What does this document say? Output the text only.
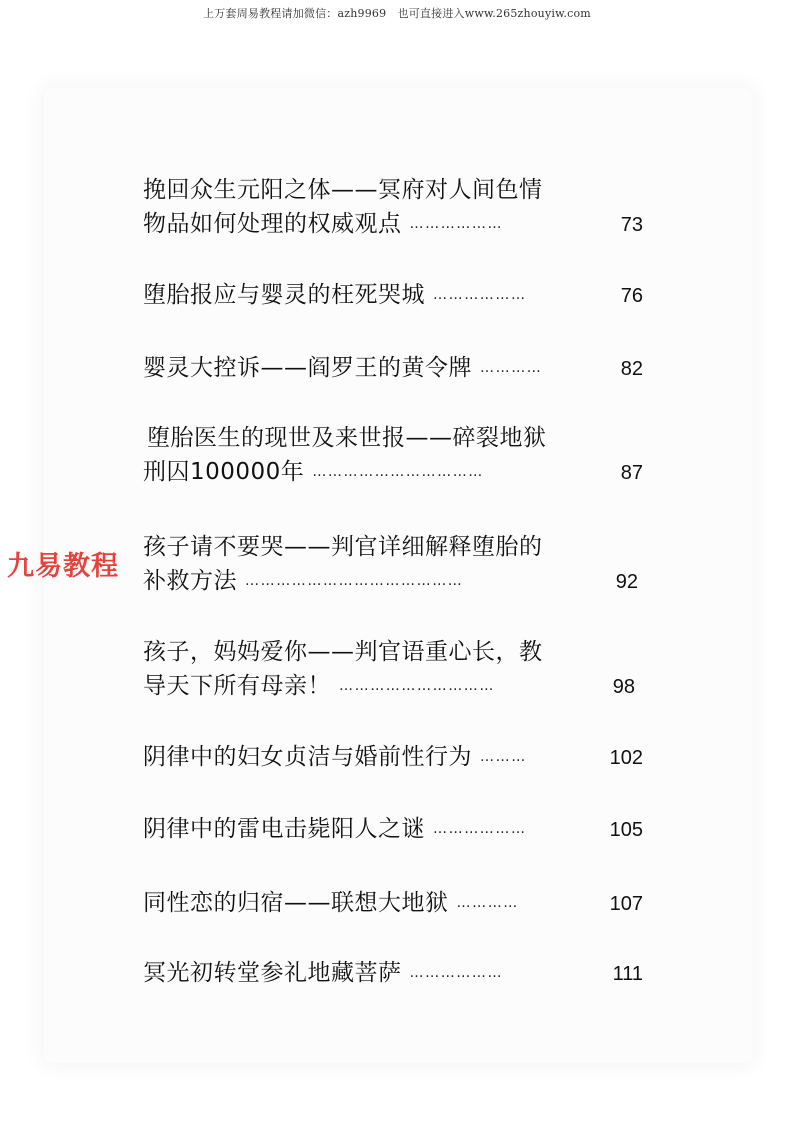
上万套周易教程请加微信：azh9969　也可直接进入www.265zhouyiw.com
挽回众生元阳之体——冥府对人间色情
物品如何处理的权威观点 ………………	73
堕胎报应与婴灵的枉死哭城 ………………	76
婴灵大控诉——阎罗王的黄令牌 …………	82
堕胎医生的现世及来世报——碎裂地狱
刑囚100000年 ……………………………	87
孩子请不要哭——判官详细解释堕胎的
补救方法 ……………………………………	92
孩子，妈妈爱你——判官语重心长，教
导天下所有母亲！ …………………………	98
阴律中的妇女贞洁与婚前性行为 ………	102
阴律中的雷电击毙阳人之谜 ………………	105
同性恋的归宿——联想大地狱 …………	107
冥光初转堂参礼地藏菩萨 ………………	111
九易教程
